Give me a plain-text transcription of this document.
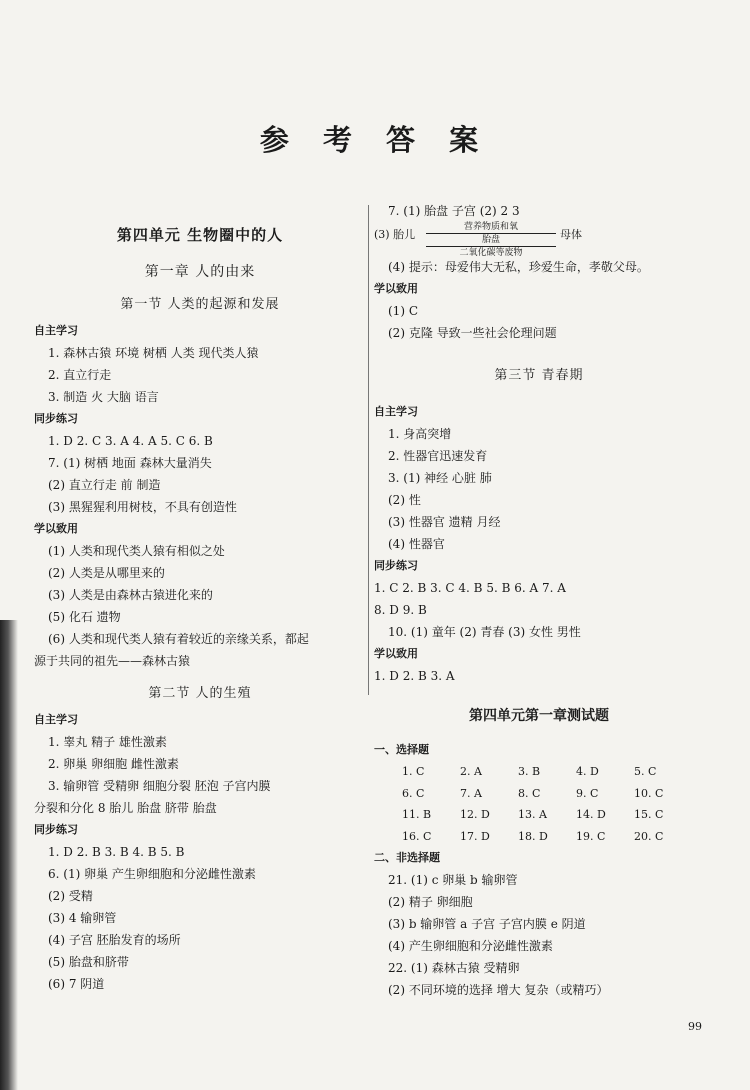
参 考 答 案
第四单元 生物圈中的人
第一章 人的由来
第一节 人类的起源和发展
自主学习
1. 森林古猿 环境 树栖 人类 现代类人猿
2. 直立行走
3. 制造 火 大脑 语言
同步练习
1. D 2. C 3. A 4. A 5. C 6. B
7. (1) 树栖 地面 森林大量消失
(2) 直立行走 前 制造
(3) 黑猩猩利用树枝，不具有创造性
学以致用
(1) 人类和现代类人猿有相似之处
(2) 人类是从哪里来的
(3) 人类是由森林古猿进化来的
(5) 化石 遗物
(6) 人类和现代类人猿有着较近的亲缘关系，都起
源于共同的祖先——森林古猿
第二节 人的生殖
自主学习
1. 睾丸 精子 雄性激素
2. 卵巢 卵细胞 雌性激素
3. 输卵管 受精卵 细胞分裂 胚泡 子宫内膜
分裂和分化 8 胎儿 胎盘 脐带 胎盘
同步练习
1. D 2. B 3. B 4. B 5. B
6. (1) 卵巢 产生卵细胞和分泌雌性激素
(2) 受精
(3) 4 输卵管
(4) 子宫 胚胎发育的场所
(5) 胎盘和脐带
(6) 7 阴道
7. (1) 胎盘 子宫 (2) 2 3
(3) 胎儿
营养物质和氧
胎盘
二氧化碳等废物
母体
(4) 提示：母爱伟大无私，珍爱生命，孝敬父母。
学以致用
(1) C
(2) 克隆 导致一些社会伦理问题
第三节 青春期
自主学习
1. 身高突增
2. 性器官迅速发育
3. (1) 神经 心脏 肺
(2) 性
(3) 性器官 遗精 月经
(4) 性器官
同步练习
1. C 2. B 3. C 4. B 5. B 6. A 7. A
8. D 9. B
10. (1) 童年 (2) 青春 (3) 女性 男性
学以致用
1. D 2. B 3. A
第四单元第一章测试题
一、选择题
1. C	2. A	3. B	4. D	5. C
6. C	7. A	8. C	9. C	10. C
11. B	12. D	13. A	14. D	15. C
16. C	17. D	18. D	19. C	20. C
二、非选择题
21. (1) c 卵巢 b 输卵管
(2) 精子 卵细胞
(3) b 输卵管 a 子宫 子宫内膜 e 阴道
(4) 产生卵细胞和分泌雌性激素
22. (1) 森林古猿 受精卵
(2) 不同环境的选择 增大 复杂（或精巧）
99
